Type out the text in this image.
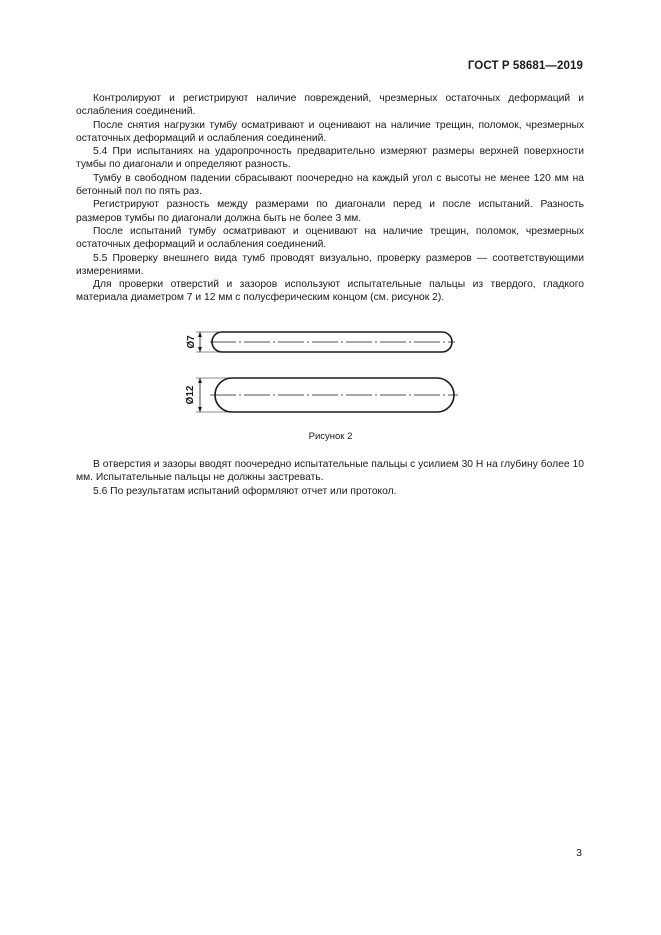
ГОСТ Р 58681—2019

Контролируют и регистрируют наличие повреждений, чрезмерных остаточных деформаций и ослабления соединений.

После снятия нагрузки тумбу осматривают и оценивают на наличие трещин, поломок, чрезмерных остаточных деформаций и ослабления соединений.

5.4 При испытаниях на ударопрочность предварительно измеряют размеры верхней поверхности тумбы по диагонали и определяют разность.

Тумбу в свободном падении сбрасывают поочередно на каждый угол с высоты не менее 120 мм на бетонный пол по пять раз.

Регистрируют разность между размерами по диагонали перед и после испытаний. Разность размеров тумбы по диагонали должна быть не более 3 мм.

После испытаний тумбу осматривают и оценивают на наличие трещин, поломок, чрезмерных остаточных деформаций и ослабления соединений.

5.5 Проверку внешнего вида тумб проводят визуально, проверку размеров — соответствующими измерениями.

Для проверки отверстий и зазоров используют испытательные пальцы из твердого, гладкого материала диаметром 7 и 12 мм с полусферическим концом (см. рисунок 2).

Ø7
Ø12
Рисунок 2

В отверстия и зазоры вводят поочередно испытательные пальцы с усилием 30 Н на глубину более 10 мм. Испытательные пальцы не должны застревать.

5.6 По результатам испытаний оформляют отчет или протокол.

3
